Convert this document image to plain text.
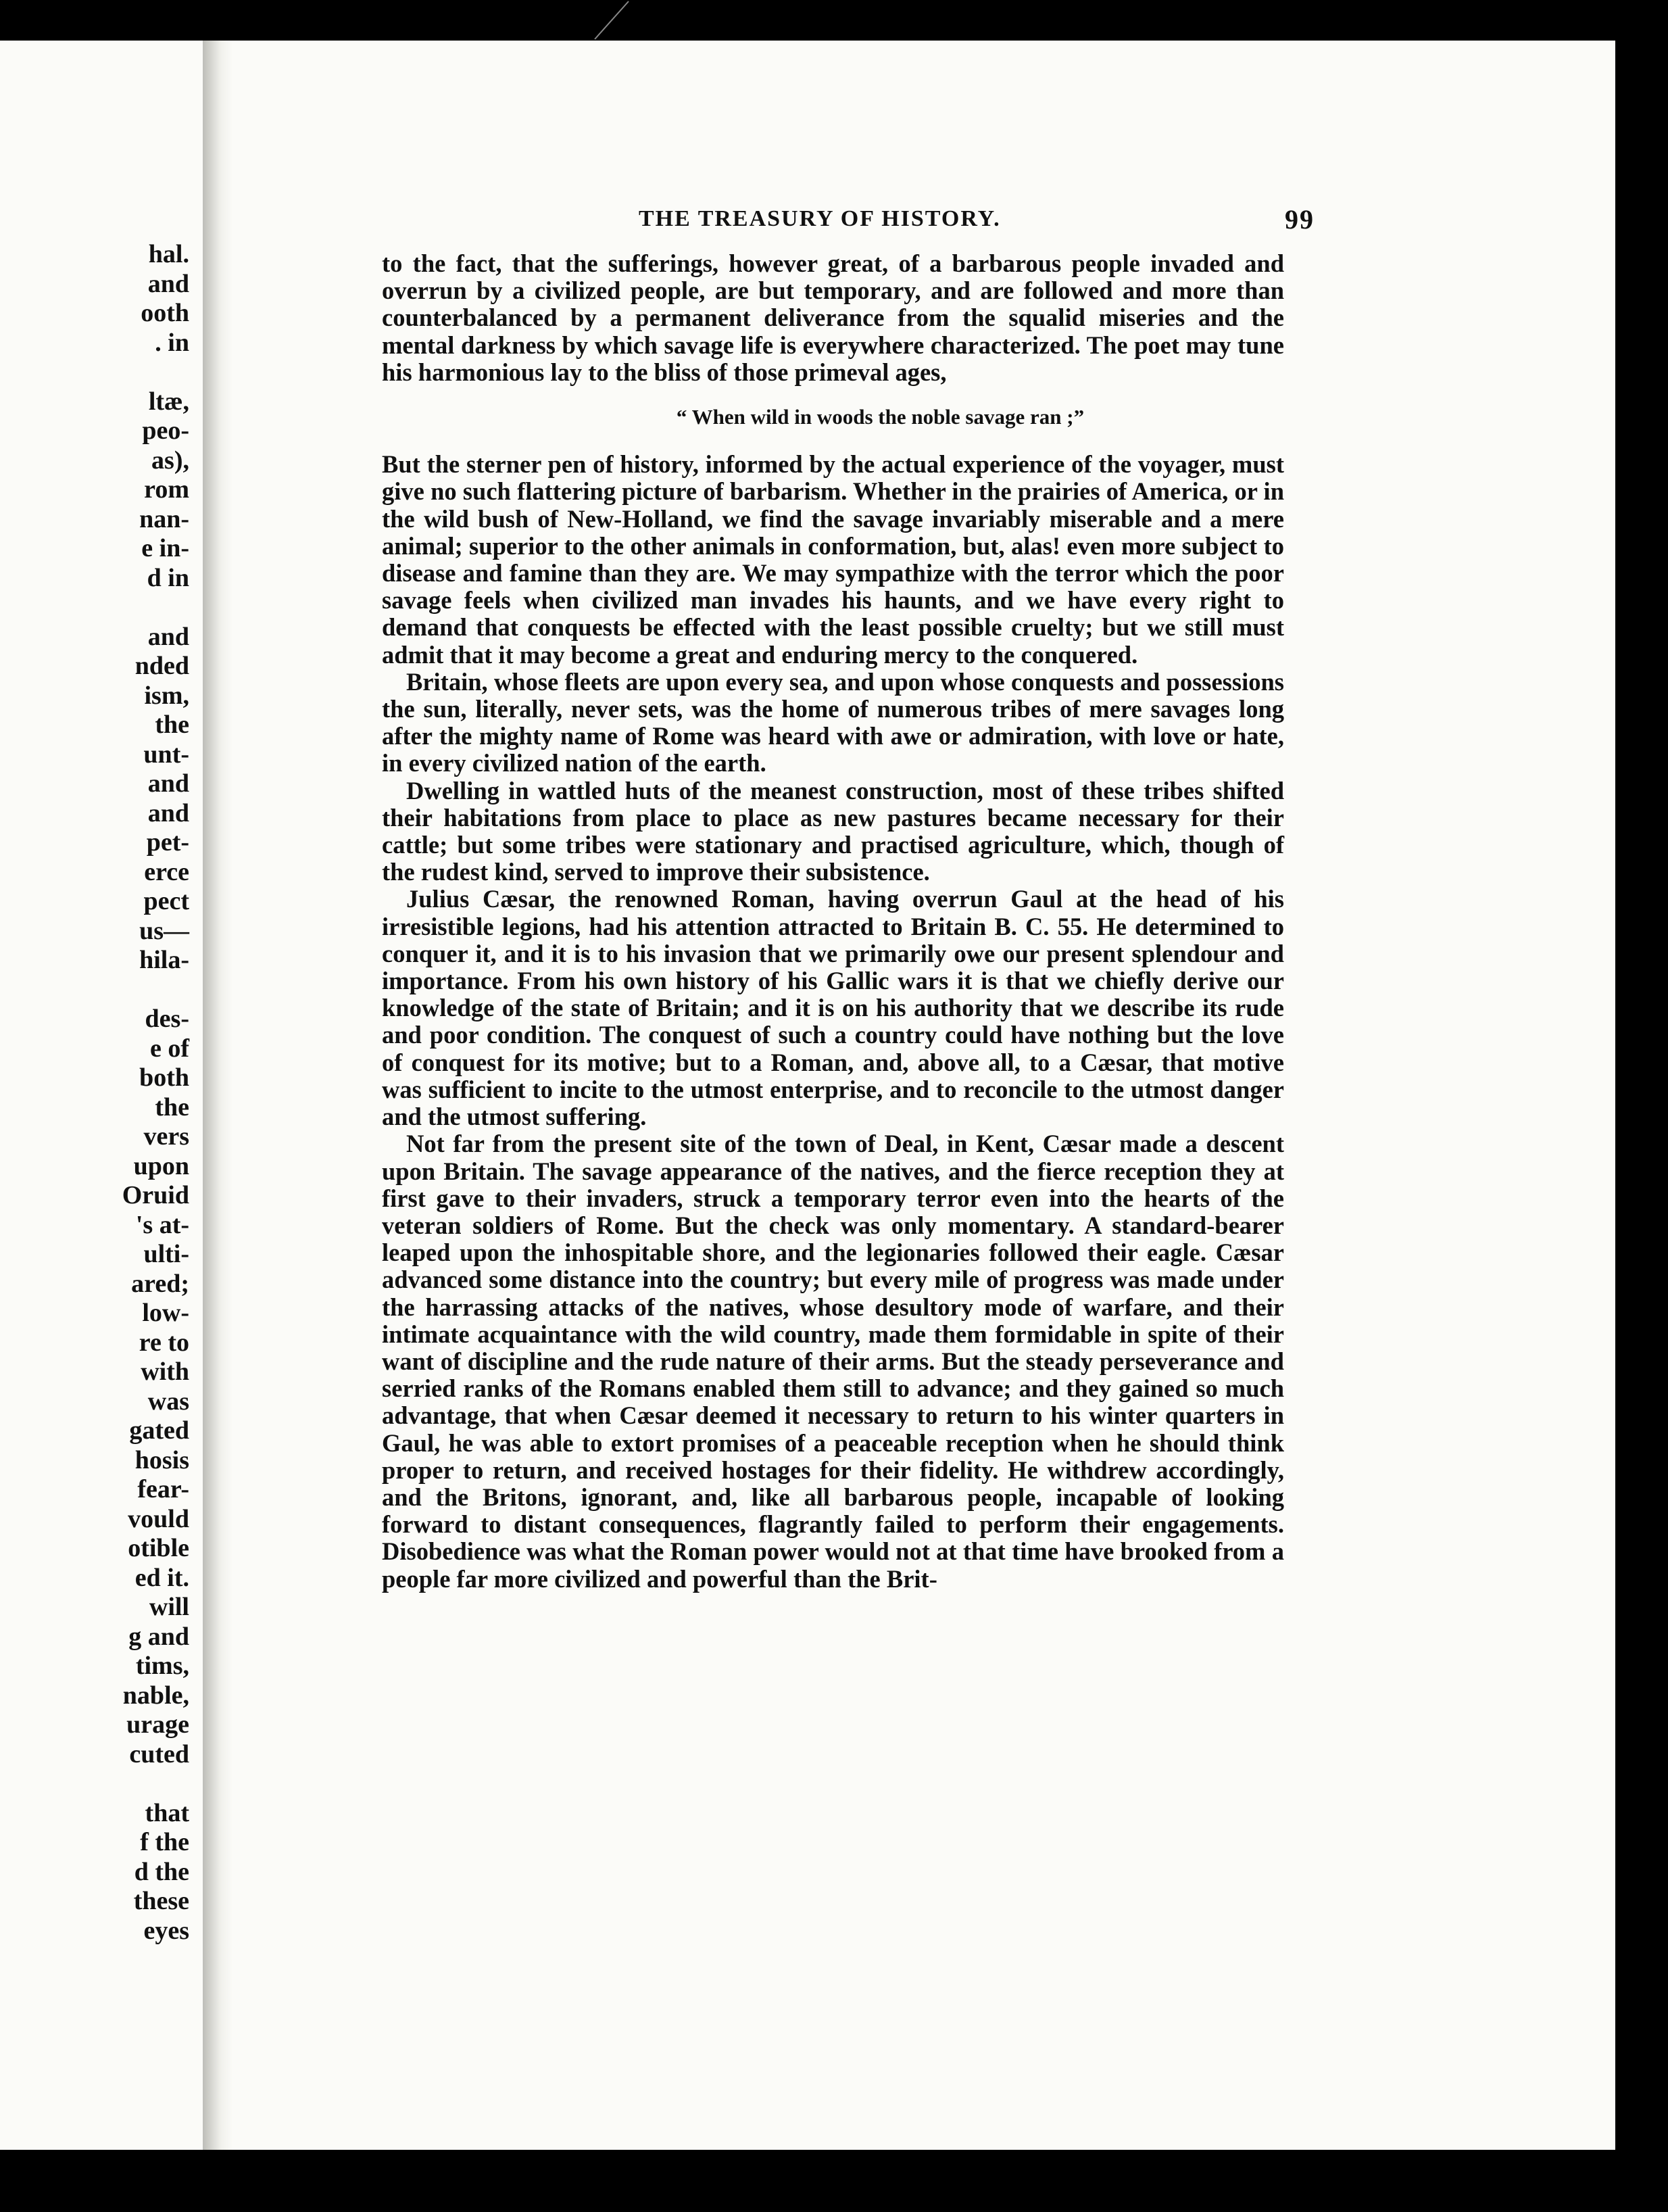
hal.
and
ooth
. in
ltæ,
peo-
as),
rom
nan-
e in-
d in
and
nded
ism,
the
unt-
and
and
pet-
erce
pect
us—
hila-
des-
e of
both
the
vers
upon
Oruid
's at-
ulti-
ared;
low-
re to
with
was
gated
hosis
fear-
vould
otible
ed it.
will
g and
tims,
nable,
urage
cuted
that
f the
d the
these
eyes
THE TREASURY OF HISTORY.	99

to the fact, that the sufferings, however great, of a barbarous people invaded and overrun by a civilized people, are but temporary, and are followed and more than counterbalanced by a permanent deliverance from the squalid miseries and the mental darkness by which savage life is everywhere characterized. The poet may tune his harmonious lay to the bliss of those primeval ages,

“ When wild in woods the noble savage ran ;”

But the sterner pen of history, informed by the actual experience of the voyager, must give no such flattering picture of barbarism. Whether in the prairies of America, or in the wild bush of New-Holland, we find the savage invariably miserable and a mere animal; superior to the other animals in conformation, but, alas! even more subject to disease and famine than they are. We may sympathize with the terror which the poor savage feels when civilized man invades his haunts, and we have every right to demand that conquests be effected with the least possible cruelty; but we still must admit that it may become a great and enduring mercy to the conquered.

Britain, whose fleets are upon every sea, and upon whose conquests and possessions the sun, literally, never sets, was the home of numerous tribes of mere savages long after the mighty name of Rome was heard with awe or admiration, with love or hate, in every civilized nation of the earth.

Dwelling in wattled huts of the meanest construction, most of these tribes shifted their habitations from place to place as new pastures became necessary for their cattle; but some tribes were stationary and practised agriculture, which, though of the rudest kind, served to improve their subsistence.

Julius Cæsar, the renowned Roman, having overrun Gaul at the head of his irresistible legions, had his attention attracted to Britain B. C. 55. He determined to conquer it, and it is to his invasion that we primarily owe our present splendour and importance. From his own history of his Gallic wars it is that we chiefly derive our knowledge of the state of Britain; and it is on his authority that we describe its rude and poor condition. The conquest of such a country could have nothing but the love of conquest for its motive; but to a Roman, and, above all, to a Cæsar, that motive was sufficient to incite to the utmost enterprise, and to reconcile to the utmost danger and the utmost suffering.

Not far from the present site of the town of Deal, in Kent, Cæsar made a descent upon Britain. The savage appearance of the natives, and the fierce reception they at first gave to their invaders, struck a temporary terror even into the hearts of the veteran soldiers of Rome. But the check was only momentary. A standard-bearer leaped upon the inhospitable shore, and the legionaries followed their eagle. Cæsar advanced some distance into the country; but every mile of progress was made under the harrassing attacks of the natives, whose desultory mode of warfare, and their intimate acquaintance with the wild country, made them formidable in spite of their want of discipline and the rude nature of their arms. But the steady perseverance and serried ranks of the Romans enabled them still to advance; and they gained so much advantage, that when Cæsar deemed it necessary to return to his winter quarters in Gaul, he was able to extort promises of a peaceable reception when he should think proper to return, and received hostages for their fidelity. He withdrew accordingly, and the Britons, ignorant, and, like all barbarous people, incapable of looking forward to distant consequences, flagrantly failed to perform their engagements. Disobedience was what the Roman power would not at that time have brooked from a people far more civilized and powerful than the Brit-
